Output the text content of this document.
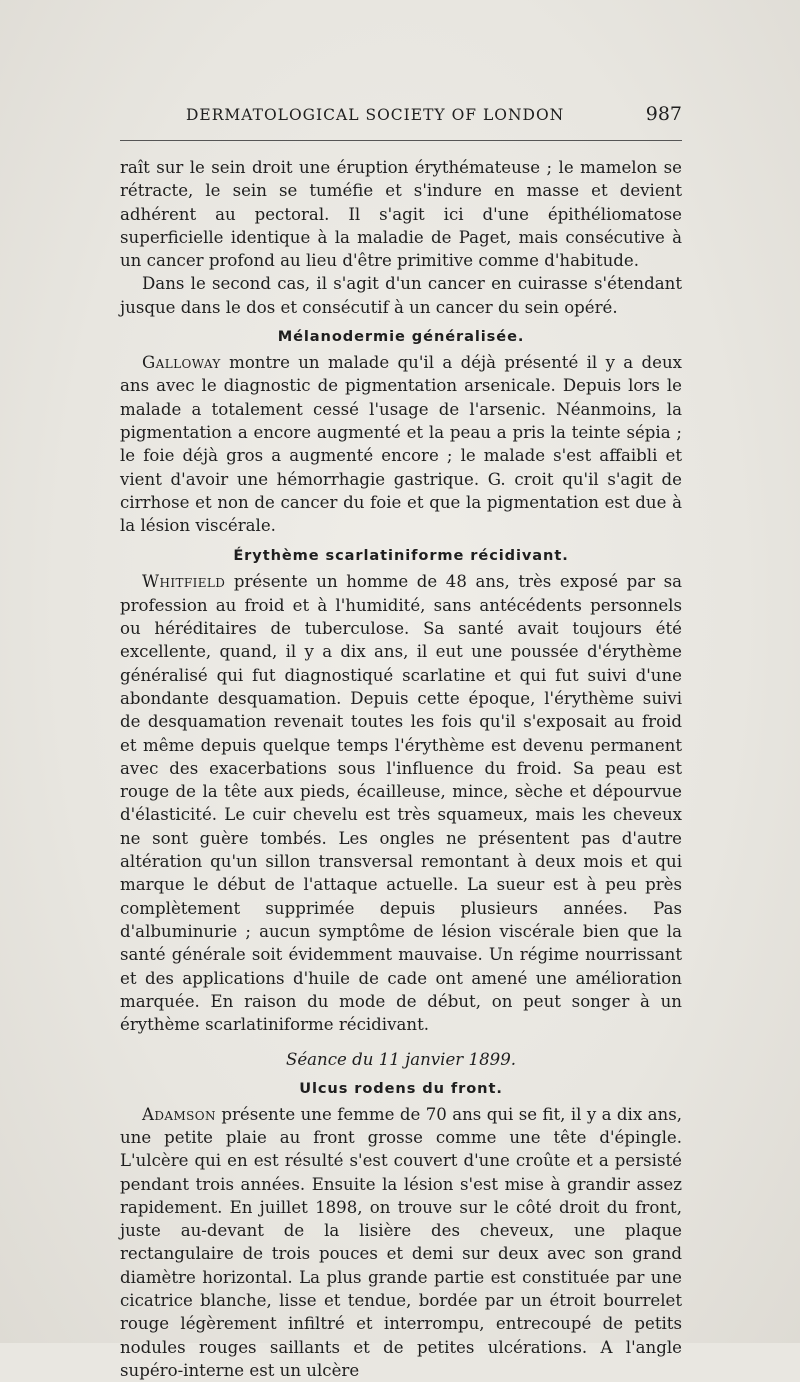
DERMATOLOGICAL SOCIETY OF LONDON	987

raît sur le sein droit une éruption érythémateuse ; le mamelon se rétracte, le sein se tuméfie et s'indure en masse et devient adhérent au pectoral. Il s'agit ici d'une épithéliomatose superficielle identique à la maladie de Paget, mais consécutive à un cancer profond au lieu d'être primitive comme d'habitude.

Dans le second cas, il s'agit d'un cancer en cuirasse s'étendant jusque dans le dos et consécutif à un cancer du sein opéré.

Mélanodermie généralisée.

Galloway montre un malade qu'il a déjà présenté il y a deux ans avec le diagnostic de pigmentation arsenicale. Depuis lors le malade a totalement cessé l'usage de l'arsenic. Néanmoins, la pigmentation a encore augmenté et la peau a pris la teinte sépia ; le foie déjà gros a augmenté encore ; le malade s'est affaibli et vient d'avoir une hémorrhagie gastrique. G. croit qu'il s'agit de cirrhose et non de cancer du foie et que la pigmentation est due à la lésion viscérale.

Érythème scarlatiniforme récidivant.

Whitfield présente un homme de 48 ans, très exposé par sa profession au froid et à l'humidité, sans antécédents personnels ou héréditaires de tuberculose. Sa santé avait toujours été excellente, quand, il y a dix ans, il eut une poussée d'érythème généralisé qui fut diagnostiqué scarlatine et qui fut suivi d'une abondante desquamation. Depuis cette époque, l'érythème suivi de desquamation revenait toutes les fois qu'il s'exposait au froid et même depuis quelque temps l'érythème est devenu permanent avec des exacerbations sous l'influence du froid. Sa peau est rouge de la tête aux pieds, écailleuse, mince, sèche et dépourvue d'élasticité. Le cuir chevelu est très squameux, mais les cheveux ne sont guère tombés. Les ongles ne présentent pas d'autre altération qu'un sillon transversal remontant à deux mois et qui marque le début de l'attaque actuelle. La sueur est à peu près complètement supprimée depuis plusieurs années. Pas d'albuminurie ; aucun symptôme de lésion viscérale bien que la santé générale soit évidemment mauvaise. Un régime nourrissant et des applications d'huile de cade ont amené une amélioration marquée. En raison du mode de début, on peut songer à un érythème scarlatiniforme récidivant.

Séance du 11 janvier 1899.

Ulcus rodens du front.

Adamson présente une femme de 70 ans qui se fit, il y a dix ans, une petite plaie au front grosse comme une tête d'épingle. L'ulcère qui en est résulté s'est couvert d'une croûte et a persisté pendant trois années. Ensuite la lésion s'est mise à grandir assez rapidement. En juillet 1898, on trouve sur le côté droit du front, juste au-devant de la lisière des cheveux, une plaque rectangulaire de trois pouces et demi sur deux avec son grand diamètre horizontal. La plus grande partie est constituée par une cicatrice blanche, lisse et tendue, bordée par un étroit bourrelet rouge légèrement infiltré et interrompu, entrecoupé de petits nodules rouges saillants et de petites ulcérations. A l'angle supéro-interne est un ulcère
